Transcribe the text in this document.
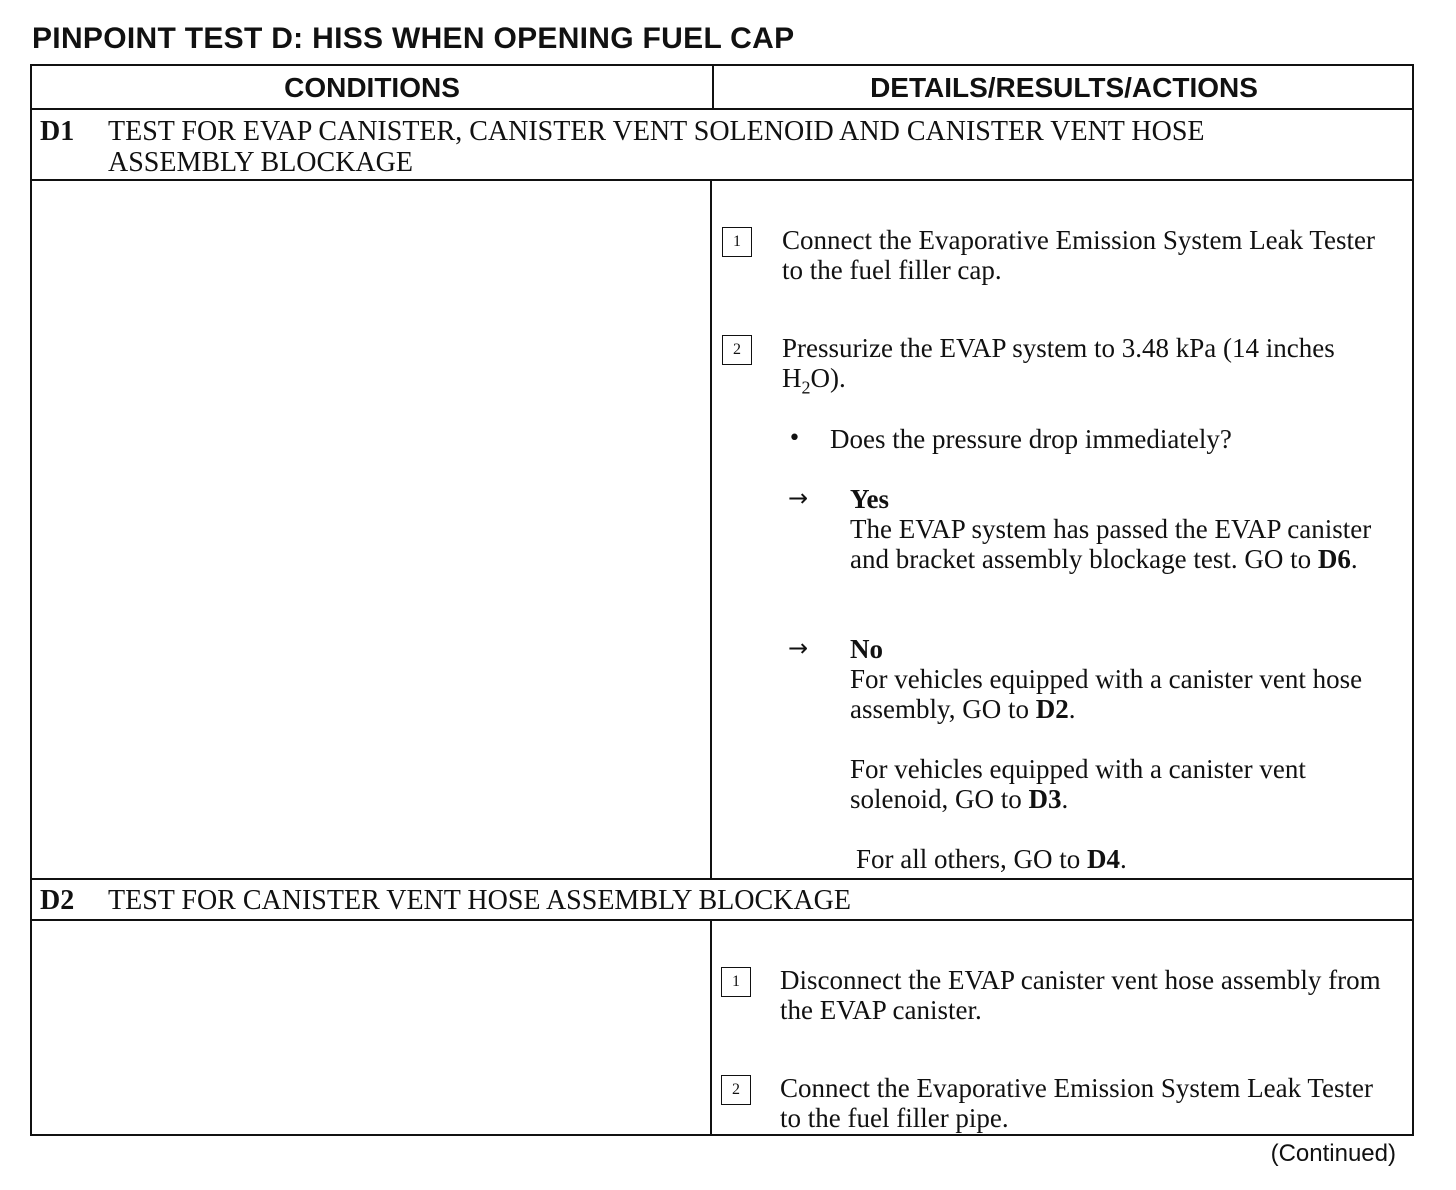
PINPOINT TEST D: HISS WHEN OPENING FUEL CAP
CONDITIONS	DETAILS/RESULTS/ACTIONS
D1	TEST FOR EVAP CANISTER, CANISTER VENT SOLENOID AND CANISTER VENT HOSE
ASSEMBLY BLOCKAGE
1	Connect the Evaporative Emission System Leak Tester to the fuel filler cap.
2	Pressurize the EVAP system to 3.48 kPa (14 inches $H_2O$).
• Does the pressure drop immediately?
→ Yes
The EVAP system has passed the EVAP canister and bracket assembly blockage test. GO to D6.
→ No
For vehicles equipped with a canister vent hose assembly, GO to D2.
For vehicles equipped with a canister vent solenoid, GO to D3.
For all others, GO to D4.
D2	TEST FOR CANISTER VENT HOSE ASSEMBLY BLOCKAGE
1	Disconnect the EVAP canister vent hose assembly from the EVAP canister.
2	Connect the Evaporative Emission System Leak Tester to the fuel filler pipe.
(Continued)
